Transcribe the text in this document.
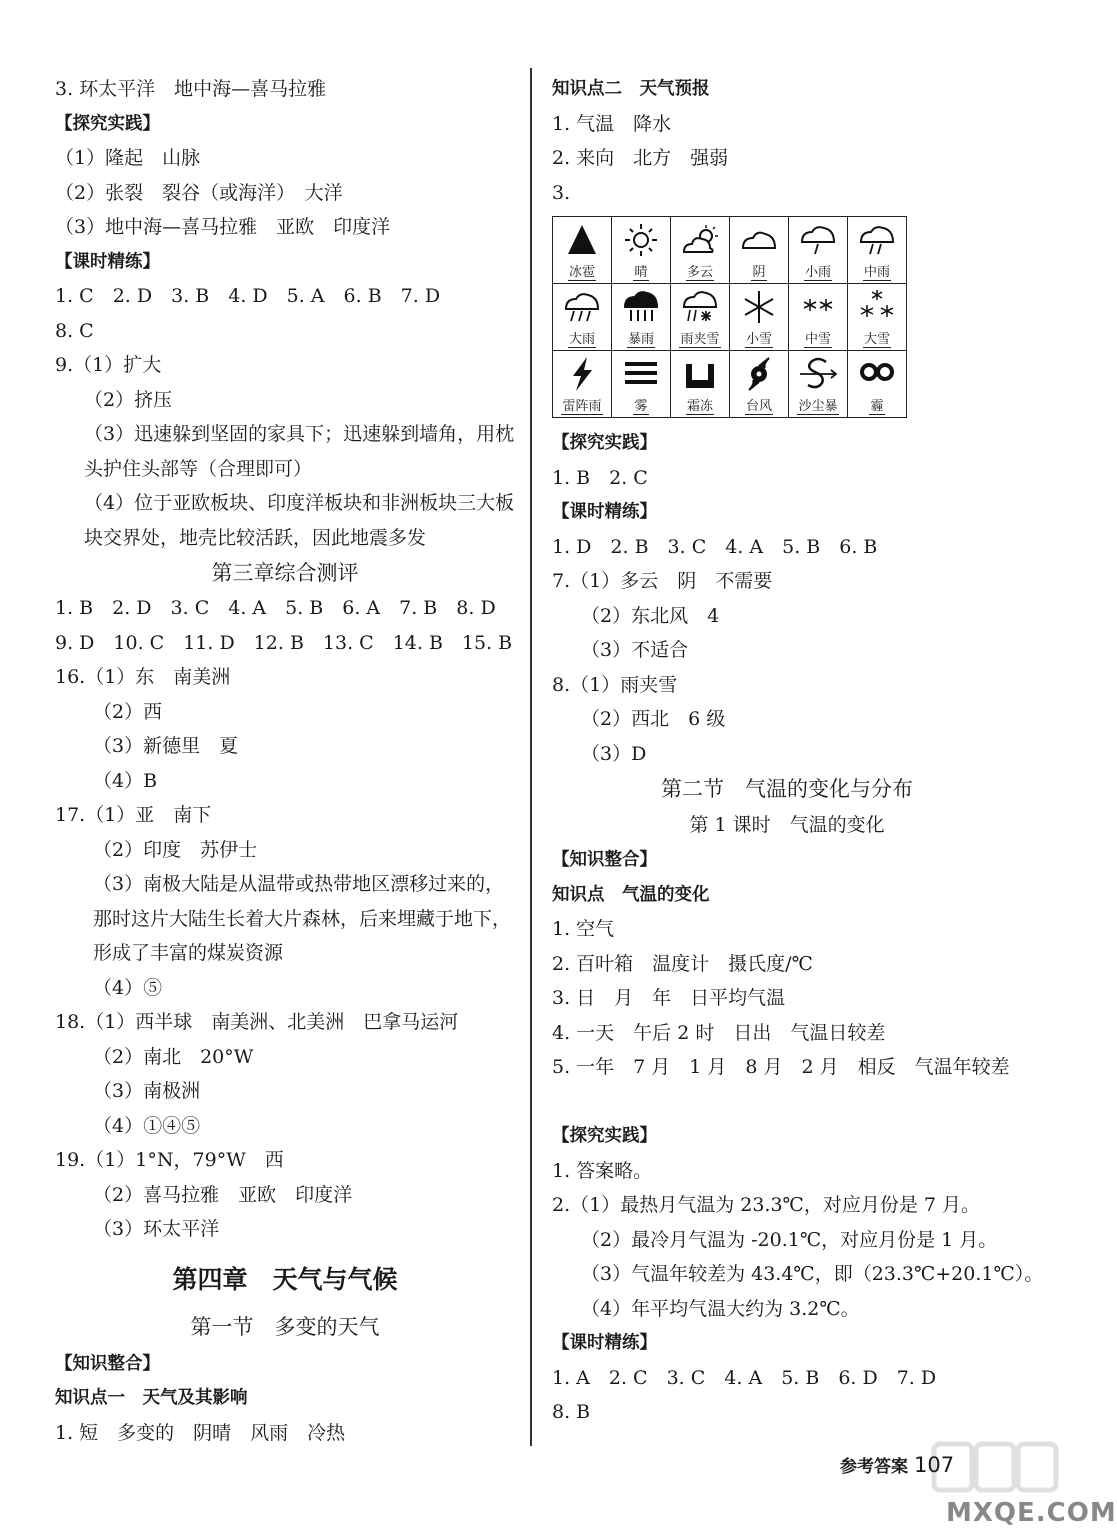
3. 环太平洋　地中海—喜马拉雅
【探究实践】
（1）隆起　山脉
（2）张裂　裂谷（或海洋）　大洋
（3）地中海—喜马拉雅　亚欧　印度洋
【课时精练】
1. C　2. D　3. B　4. D　5. A　6. B　7. D
8. C
9.（1）扩大
（2）挤压
（3）迅速躲到坚固的家具下；迅速躲到墙角，用枕头护住头部等（合理即可）
（4）位于亚欧板块、印度洋板块和非洲板块三大板块交界处，地壳比较活跃，因此地震多发
第三章综合测评
1. B　2. D　3. C　4. A　5. B　6. A　7. B　8. D
9. D　10. C　11. D　12. B　13. C　14. B　15. B
16.（1）东　南美洲
（2）西
（3）新德里　夏
（4）B
17.（1）亚　南下
（2）印度　苏伊士
（3）南极大陆是从温带或热带地区漂移过来的，那时这片大陆生长着大片森林，后来埋藏于地下，形成了丰富的煤炭资源
（4）⑤
18.（1）西半球　南美洲、北美洲　巴拿马运河
（2）南北　20°W
（3）南极洲
（4）①④⑤
19.（1）1°N，79°W　西
（2）喜马拉雅　亚欧　印度洋
（3）环太平洋
第四章　天气与气候
第一节　多变的天气
【知识整合】
知识点一　天气及其影响
1. 短　多变的　阴晴　风雨　冷热
知识点二　天气预报
1. 气温　降水
2. 来向　北方　强弱
3.
冰雹	晴	多云	阴	小雨	中雨

大雨	暴雨	雨夹雪	小雪	中雪	大雪

雷阵雨	雾	霜冻	台风	沙尘暴	霾
【探究实践】
1. B　2. C
【课时精练】
1. D　2. B　3. C　4. A　5. B　6. B
7.（1）多云　阴　不需要
（2）东北风　4
（3）不适合
8.（1）雨夹雪
（2）西北　6 级
（3）D
第二节　气温的变化与分布
第 1 课时　气温的变化
【知识整合】
知识点　气温的变化
1. 空气
2. 百叶箱　温度计　摄氏度/℃
3. 日　月　年　日平均气温
4. 一天　午后 2 时　日出　气温日较差
5. 一年　7 月　1 月　8 月　2 月　相反　气温年较差
【探究实践】
1. 答案略。
2.（1）最热月气温为 23.3℃，对应月份是 7 月。
（2）最冷月气温为 -20.1℃，对应月份是 1 月。
（3）气温年较差为 43.4℃，即（23.3℃+20.1℃）。
（4）年平均气温大约为 3.2℃。
【课时精练】
1. A　2. C　3. C　4. A　5. B　6. D　7. D
8. B
MXQE.COM
参考答案 107
